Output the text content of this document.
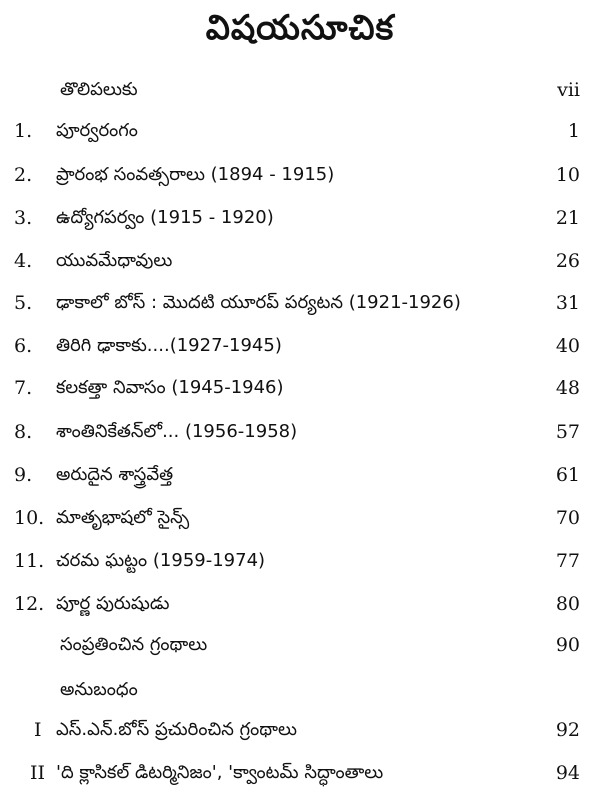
విషయసూచిక
తొలిపలుకు	vii
1.	పూర్వరంగం	1
2.	ప్రారంభ సంవత్సరాలు (1894 - 1915)	10
3.	ఉద్యోగపర్వం (1915 - 1920)	21
4.	యువమేధావులు	26
5.	ఢాకాలో బోస్ : మొదటి యూరప్ పర్యటన (1921-1926)	31
6.	తిరిగి ఢాకాకు....(1927-1945)	40
7.	కలకత్తా నివాసం (1945-1946)	48
8.	శాంతినికేతన్‌లో... (1956-1958)	57
9.	అరుదైన శాస్త్రవేత్త	61
10. మాతృభాషలో సైన్స్	70
11. చరమ ఘట్టం (1959-1974)	77
12. పూర్ణ పురుషుడు	80
సంప్రతించిన గ్రంథాలు	90
అనుబంధం
I ఎస్.ఎన్.బోస్ ప్రచురించిన గ్రంథాలు	92
II 'ది క్లాసికల్ డిటర్మినిజం', 'క్వాంటమ్ సిద్ధాంతాలు	94
